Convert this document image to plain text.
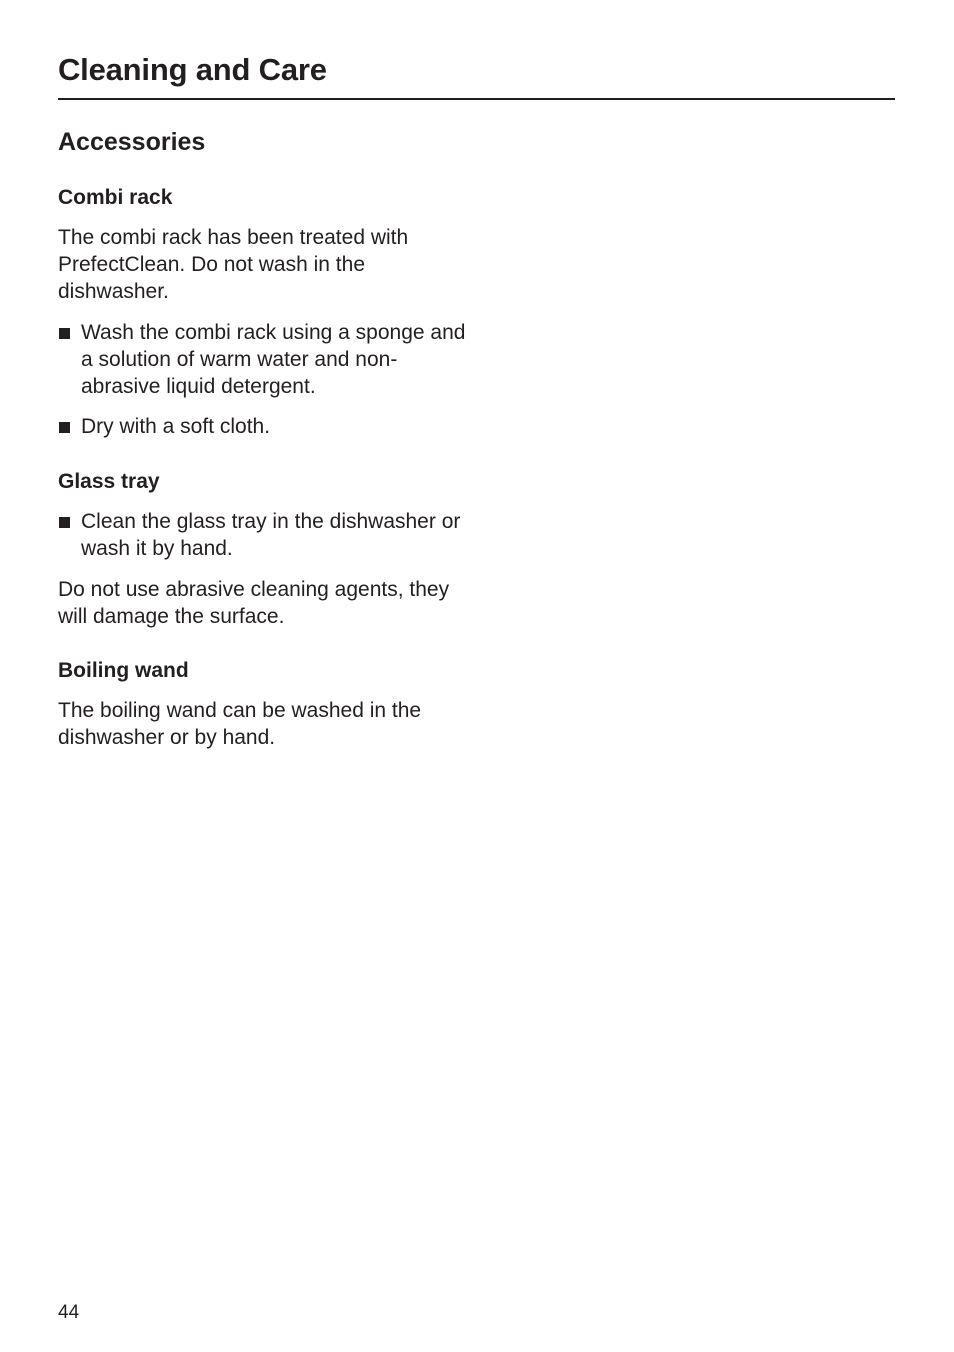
Cleaning and Care
Accessories
Combi rack

The combi rack has been treated with PrefectClean. Do not wash in the dishwasher.

Wash the combi rack using a sponge and a solution of warm water and non- abrasive liquid detergent.
Dry with a soft cloth.
Glass tray
Clean the glass tray in the dishwasher or wash it by hand.

Do not use abrasive cleaning agents, they will damage the surface.

Boiling wand

The boiling wand can be washed in the dishwasher or by hand.

44
